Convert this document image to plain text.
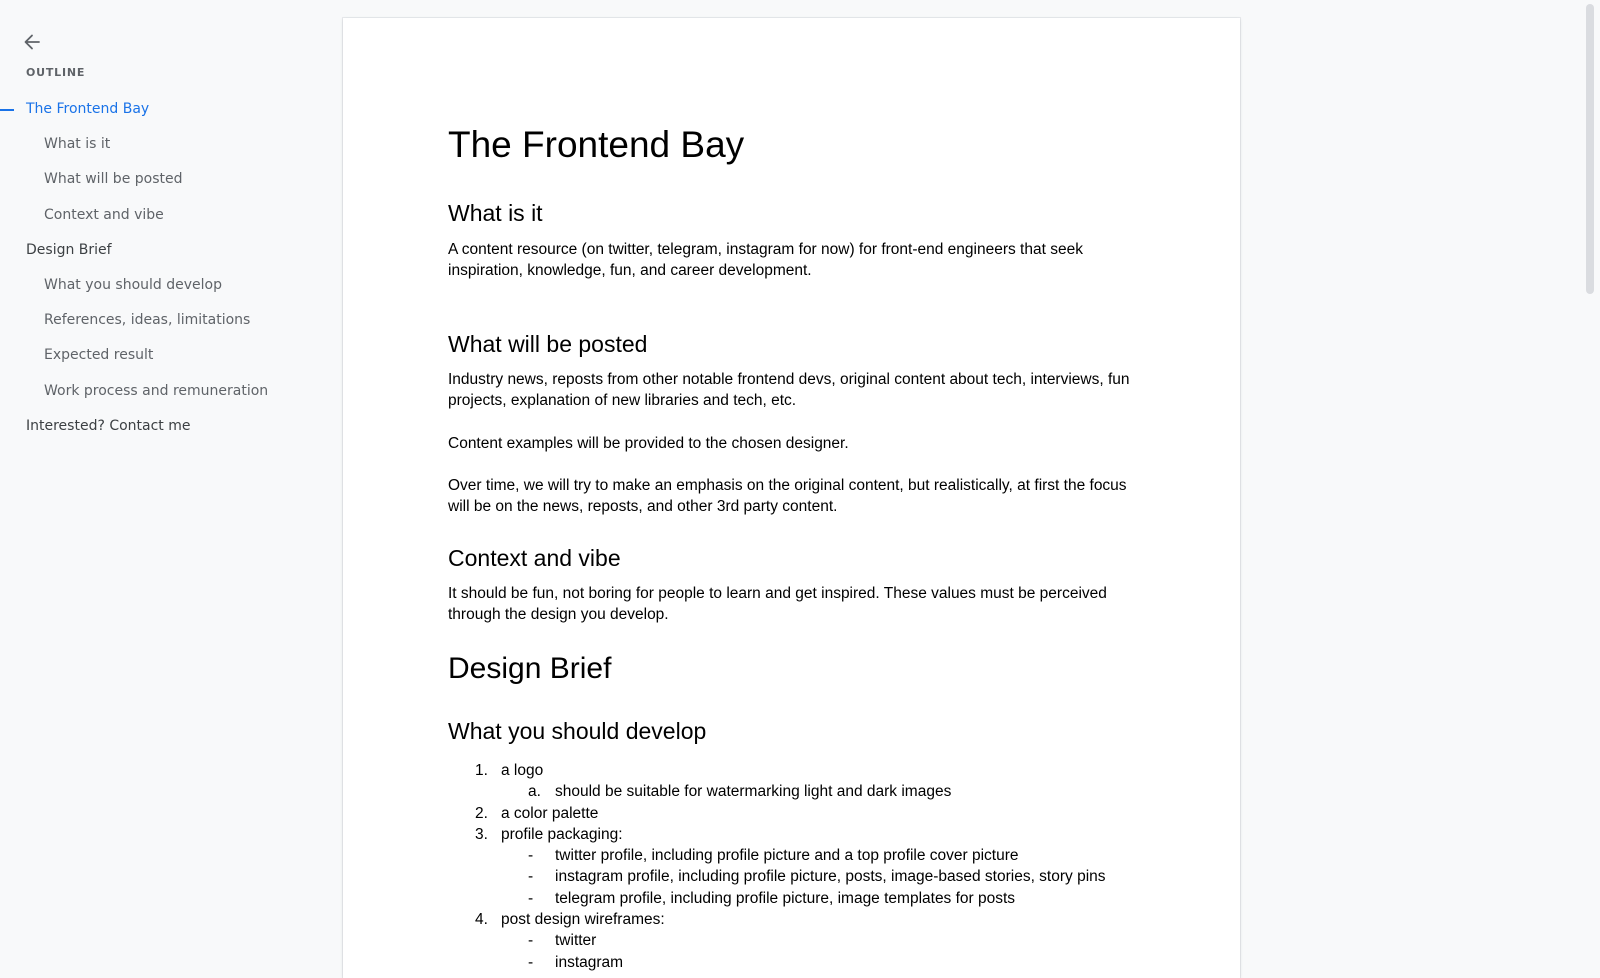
OUTLINE
The Frontend Bay
What is it
What will be posted
Context and vibe
Design Brief
What you should develop
References, ideas, limitations
Expected result
Work process and remuneration
Interested? Contact me
The Frontend Bay
What is it

A content resource (on twitter, telegram, instagram for now) for front-end engineers that seek inspiration, knowledge, fun, and career development.

What will be posted

Industry news, reposts from other notable frontend devs, original content about tech, interviews, fun projects, explanation of new libraries and tech, etc.

Content examples will be provided to the chosen designer.

Over time, we will try to make an emphasis on the original content, but realistically, at first the focus will be on the news, reposts, and other 3rd party content.

Context and vibe

It should be fun, not boring for people to learn and get inspired. These values must be perceived through the design you develop.

Design Brief
What you should develop
1. a logo
a. should be suitable for watermarking light and dark images
2. a color palette
3. profile packaging:
- twitter profile, including profile picture and a top profile cover picture
- instagram profile, including profile picture, posts, image-based stories, story pins
- telegram profile, including profile picture, image templates for posts
4. post design wireframes:
- twitter
- instagram
